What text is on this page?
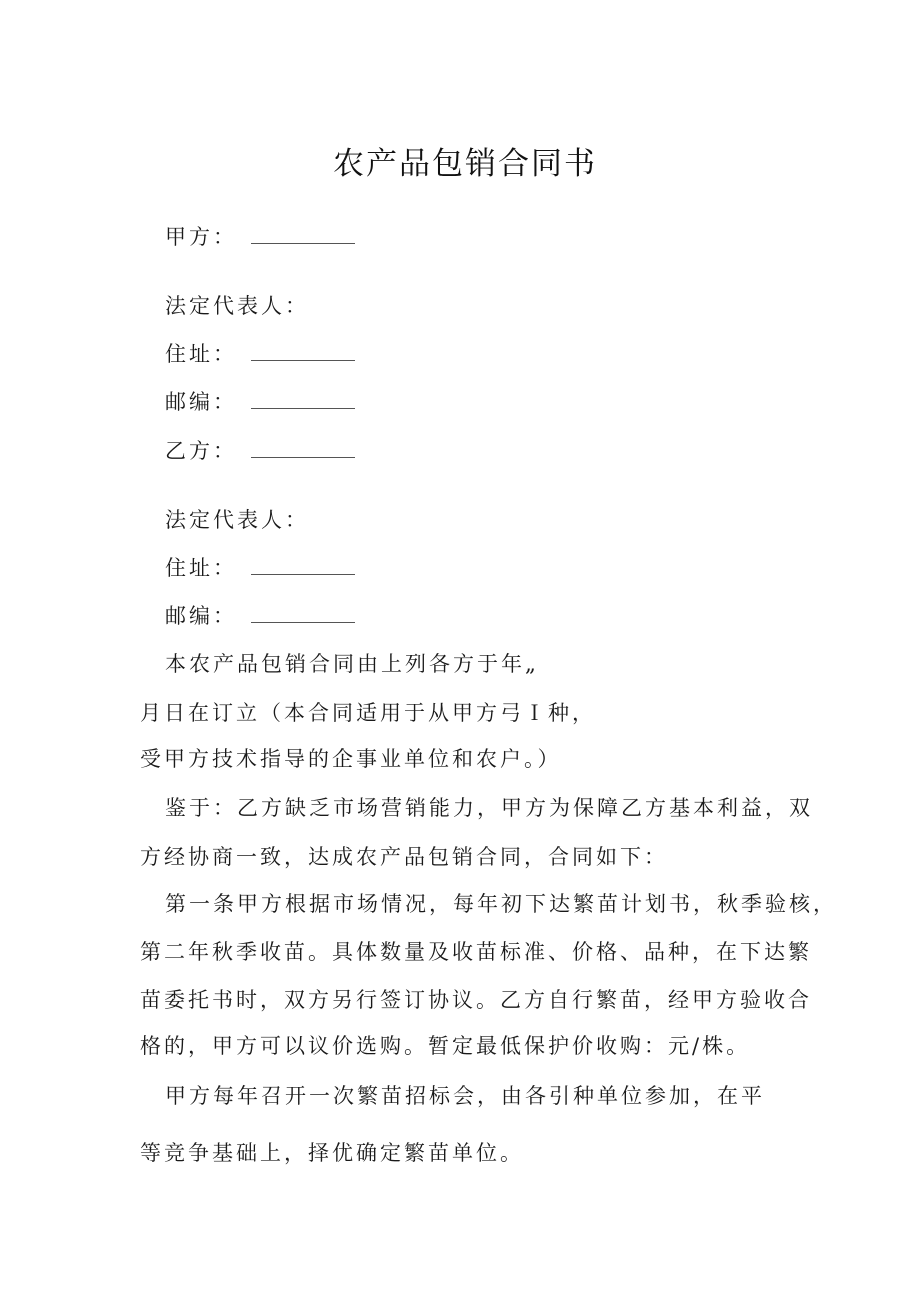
农产品包销合同书
甲方：
法定代表人：
住址：
邮编：
乙方：
法定代表人：
住址：
邮编：
本农产品包销合同由上列各方于年„
月日在订立（本合同适用于从甲方弓Ｉ种，
受甲方技术指导的企事业单位和农户。）
鉴于：乙方缺乏市场营销能力，甲方为保障乙方基本利益，双
方经协商一致，达成农产品包销合同，合同如下：
第一条甲方根据市场情况，每年初下达繁苗计划书，秋季验核，
第二年秋季收苗。具体数量及收苗标准、价格、品种，在下达繁
苗委托书时，双方另行签订协议。乙方自行繁苗，经甲方验收合
格的，甲方可以议价选购。暂定最低保护价收购：元/株。
甲方每年召开一次繁苗招标会，由各引种单位参加，在平
等竞争基础上，择优确定繁苗单位。
